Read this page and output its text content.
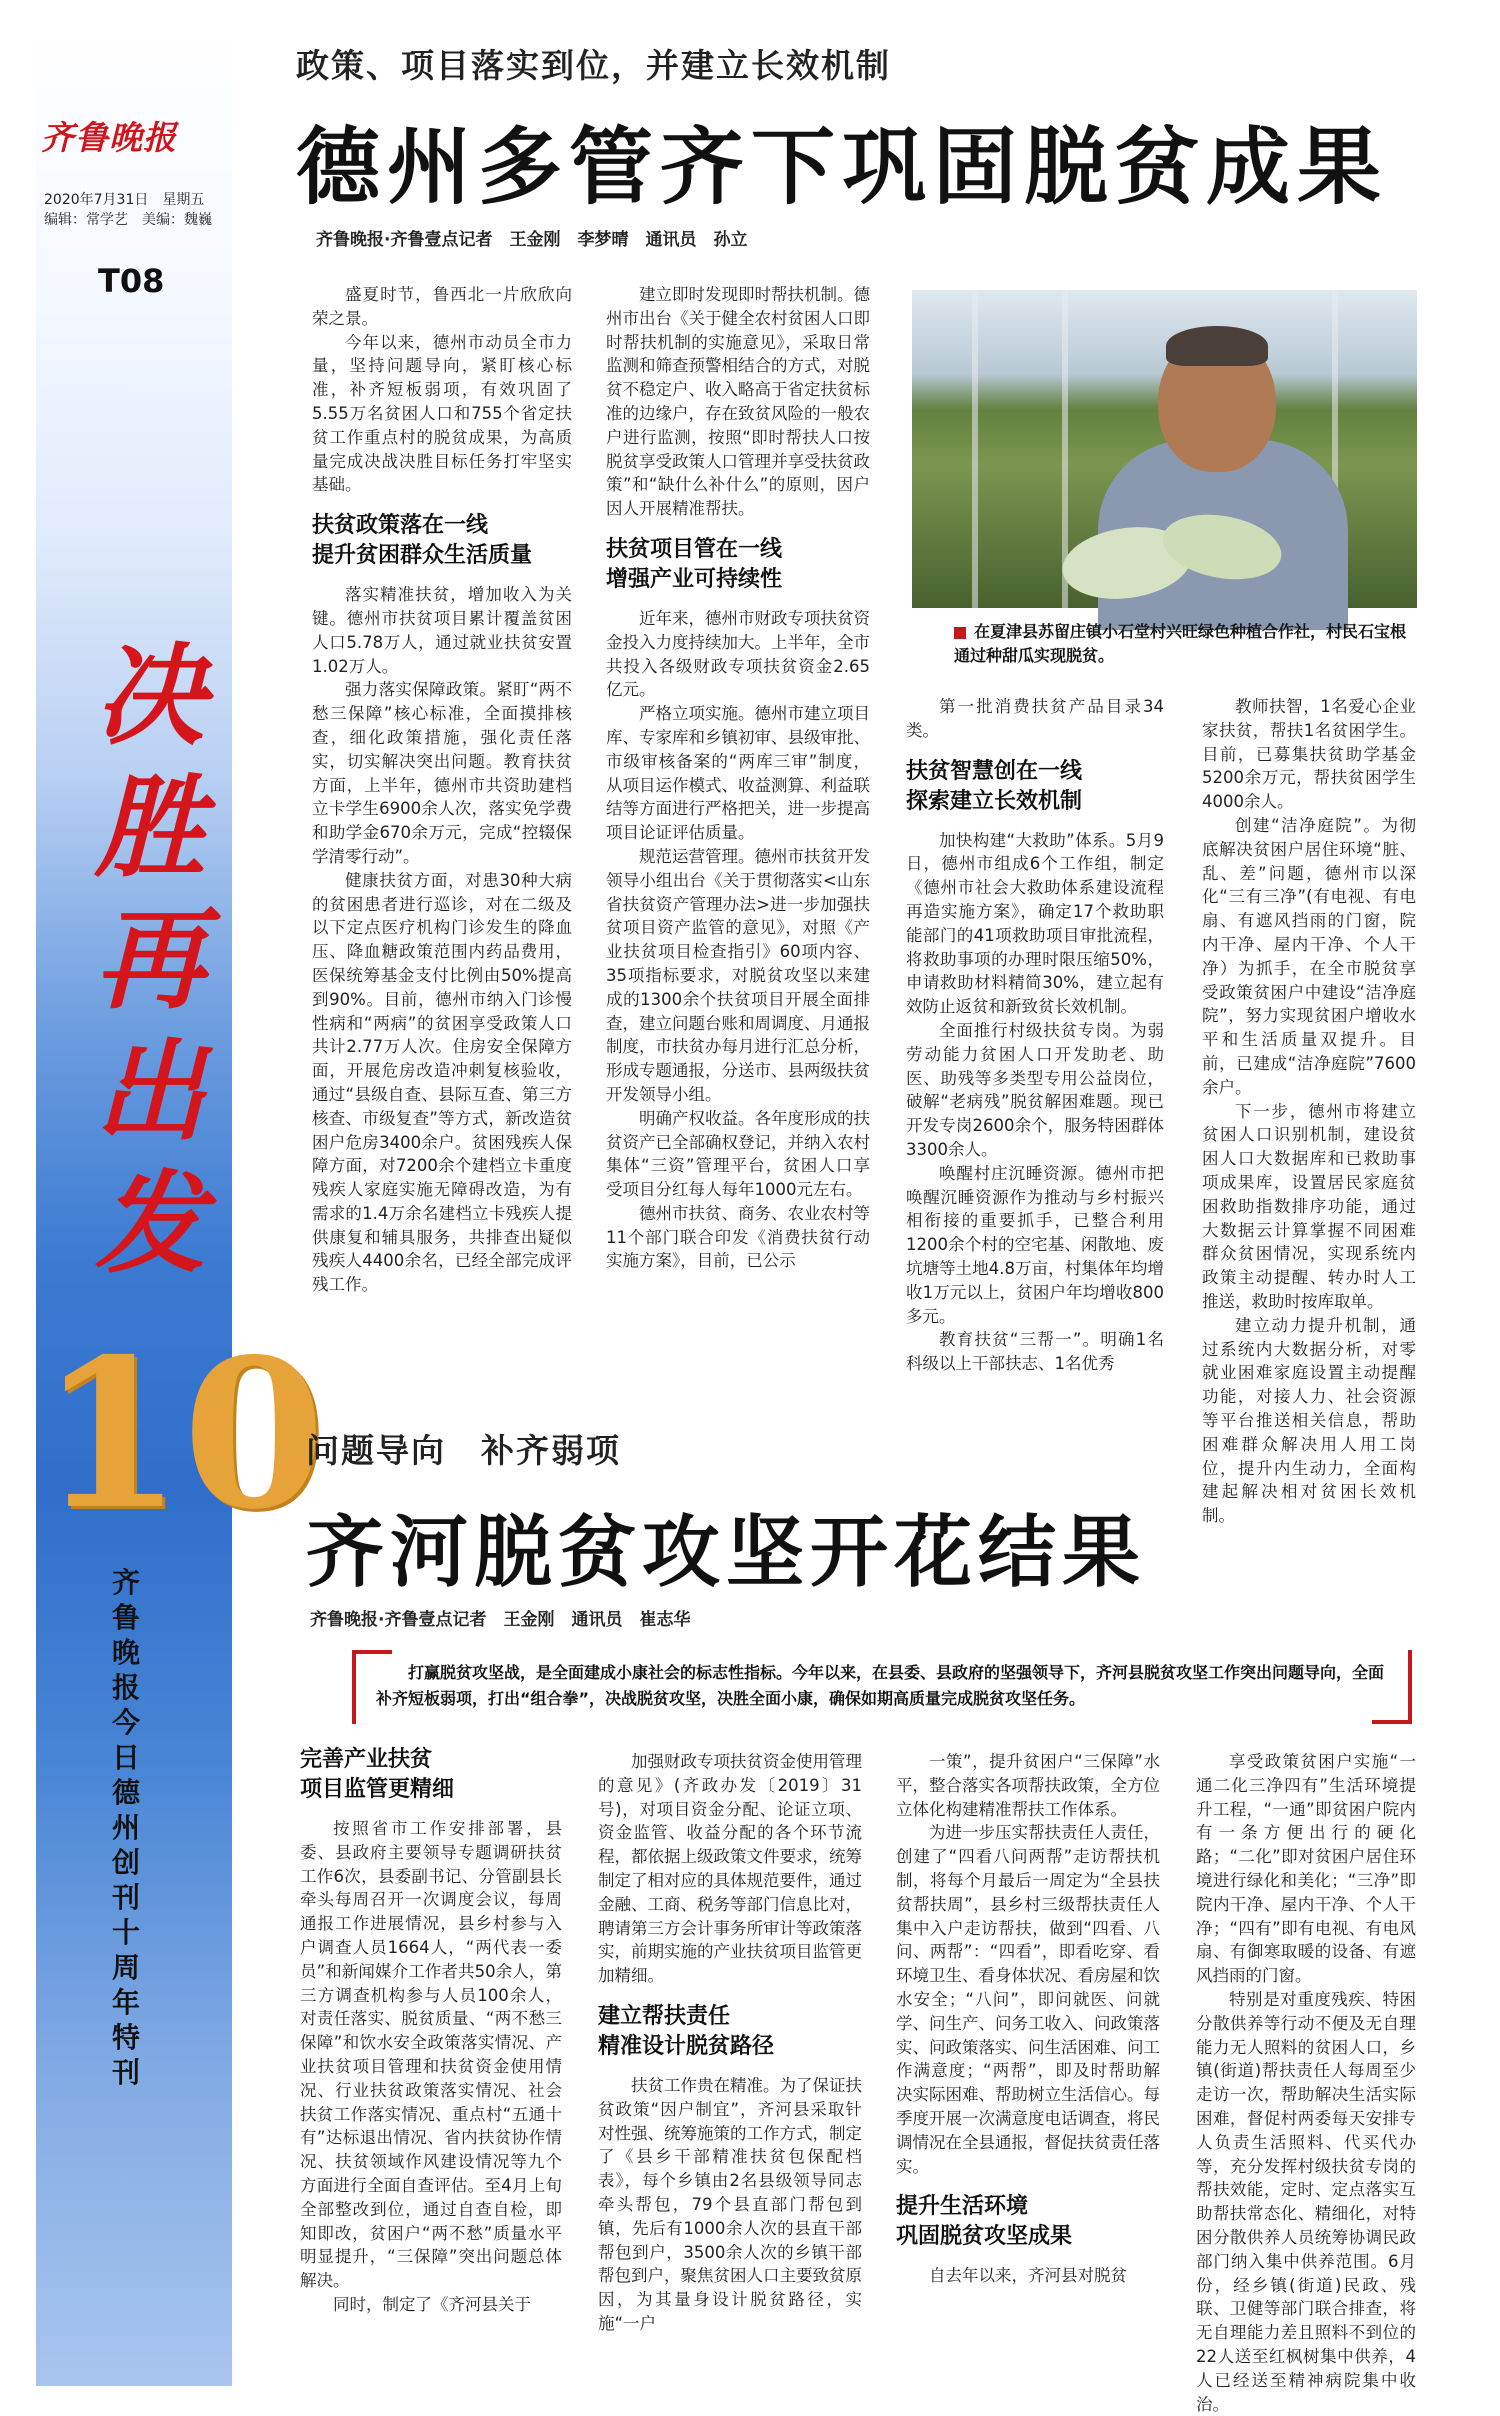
齐鲁晚报
2020年7月31日　星期五
编辑：常学艺　美编：魏巍
T08
决
胜
再
出
发
10
齐鲁晚报今日德州创刊十周年特刊
政策、项目落实到位，并建立长效机制
德州多管齐下巩固脱贫成果
齐鲁晚报·齐鲁壹点记者　王金刚　李梦晴　通讯员　孙立

盛夏时节，鲁西北一片欣欣向荣之景。

今年以来，德州市动员全市力量，坚持问题导向，紧盯核心标准，补齐短板弱项，有效巩固了5.55万名贫困人口和755个省定扶贫工作重点村的脱贫成果，为高质量完成决战决胜目标任务打牢坚实基础。

扶贫政策落在一线
提升贫困群众生活质量

落实精准扶贫，增加收入为关键。德州市扶贫项目累计覆盖贫困人口5.78万人，通过就业扶贫安置1.02万人。

强力落实保障政策。紧盯“两不愁三保障”核心标准，全面摸排核查，细化政策措施，强化责任落实，切实解决突出问题。教育扶贫方面，上半年，德州市共资助建档立卡学生6900余人次，落实免学费和助学金670余万元，完成“控辍保学清零行动”。

健康扶贫方面，对患30种大病的贫困患者进行巡诊，对在二级及以下定点医疗机构门诊发生的降血压、降血糖政策范围内药品费用，医保统筹基金支付比例由50%提高到90%。目前，德州市纳入门诊慢性病和“两病”的贫困享受政策人口共计2.77万人次。住房安全保障方面，开展危房改造冲刺复核验收，通过“县级自查、县际互查、第三方核查、市级复查”等方式，新改造贫困户危房3400余户。贫困残疾人保障方面，对7200余个建档立卡重度残疾人家庭实施无障碍改造，为有需求的1.4万余名建档立卡残疾人提供康复和辅具服务，共排查出疑似残疾人4400余名，已经全部完成评残工作。

建立即时发现即时帮扶机制。德州市出台《关于健全农村贫困人口即时帮扶机制的实施意见》，采取日常监测和筛查预警相结合的方式，对脱贫不稳定户、收入略高于省定扶贫标准的边缘户，存在致贫风险的一般农户进行监测，按照“即时帮扶人口按脱贫享受政策人口管理并享受扶贫政策”和“缺什么补什么”的原则，因户因人开展精准帮扶。

扶贫项目管在一线
增强产业可持续性

近年来，德州市财政专项扶贫资金投入力度持续加大。上半年，全市共投入各级财政专项扶贫资金2.65亿元。

严格立项实施。德州市建立项目库、专家库和乡镇初审、县级审批、市级审核备案的“两库三审”制度，从项目运作模式、收益测算、利益联结等方面进行严格把关，进一步提高项目论证评估质量。

规范运营管理。德州市扶贫开发领导小组出台《关于贯彻落实<山东省扶贫资产管理办法>进一步加强扶贫项目资产监管的意见》，对照《产业扶贫项目检查指引》60项内容、35项指标要求，对脱贫攻坚以来建成的1300余个扶贫项目开展全面排查，建立问题台账和周调度、月通报制度，市扶贫办每月进行汇总分析，形成专题通报，分送市、县两级扶贫开发领导小组。

明确产权收益。各年度形成的扶贫资产已全部确权登记，并纳入农村集体“三资”管理平台，贫困人口享受项目分红每人每年1000元左右。

德州市扶贫、商务、农业农村等11个部门联合印发《消费扶贫行动实施方案》，目前，已公示

在夏津县苏留庄镇小石堂村兴旺绿色种植合作社，村民石宝根通过种甜瓜实现脱贫。

第一批消费扶贫产品目录34类。

扶贫智慧创在一线
探索建立长效机制

加快构建“大救助”体系。5月9日，德州市组成6个工作组，制定《德州市社会大救助体系建设流程再造实施方案》，确定17个救助职能部门的41项救助项目审批流程，将救助事项的办理时限压缩50%，申请救助材料精简30%，建立起有效防止返贫和新致贫长效机制。

全面推行村级扶贫专岗。为弱劳动能力贫困人口开发助老、助医、助残等多类型专用公益岗位，破解“老病残”脱贫解困难题。现已开发专岗2600余个，服务特困群体3300余人。

唤醒村庄沉睡资源。德州市把唤醒沉睡资源作为推动与乡村振兴相衔接的重要抓手，已整合利用1200余个村的空宅基、闲散地、废坑塘等土地4.8万亩，村集体年均增收1万元以上，贫困户年均增收800多元。

教育扶贫“三帮一”。明确1名科级以上干部扶志、1名优秀

教师扶智，1名爱心企业家扶贫，帮扶1名贫困学生。目前，已募集扶贫助学基金5200余万元，帮扶贫困学生4000余人。

创建“洁净庭院”。为彻底解决贫困户居住环境“脏、乱、差”问题，德州市以深化“三有三净”(有电视、有电扇、有遮风挡雨的门窗，院内干净、屋内干净、个人干净）为抓手，在全市脱贫享受政策贫困户中建设“洁净庭院”，努力实现贫困户增收水平和生活质量双提升。目前，已建成“洁净庭院”7600余户。

下一步，德州市将建立贫困人口识别机制，建设贫困人口大数据库和已救助事项成果库，设置居民家庭贫困救助指数排序功能，通过大数据云计算掌握不同困难群众贫困情况，实现系统内政策主动提醒、转办时人工推送，救助时按库取单。

建立动力提升机制，通过系统内大数据分析，对零就业困难家庭设置主动提醒功能，对接人力、社会资源等平台推送相关信息，帮助困难群众解决用人用工岗位，提升内生动力，全面构建起解决相对贫困长效机制。

问题导向　补齐弱项
齐河脱贫攻坚开花结果
齐鲁晚报·齐鲁壹点记者　王金刚　通讯员　崔志华

打赢脱贫攻坚战，是全面建成小康社会的标志性指标。今年以来，在县委、县政府的坚强领导下，齐河县脱贫攻坚工作突出问题导向，全面补齐短板弱项，打出“组合拳”，决战脱贫攻坚，决胜全面小康，确保如期高质量完成脱贫攻坚任务。

完善产业扶贫
项目监管更精细

按照省市工作安排部署，县委、县政府主要领导专题调研扶贫工作6次，县委副书记、分管副县长牵头每周召开一次调度会议，每周通报工作进展情况，县乡村参与入户调查人员1664人，“两代表一委员”和新闻媒介工作者共50余人，第三方调查机构参与人员100余人，对责任落实、脱贫质量、“两不愁三保障”和饮水安全政策落实情况、产业扶贫项目管理和扶贫资金使用情况、行业扶贫政策落实情况、社会扶贫工作落实情况、重点村“五通十有”达标退出情况、省内扶贫协作情况、扶贫领域作风建设情况等九个方面进行全面自查评估。至4月上旬全部整改到位，通过自查自检，即知即改，贫困户“两不愁”质量水平明显提升，“三保障”突出问题总体解决。

同时，制定了《齐河县关于

加强财政专项扶贫资金使用管理的意见》(齐政办发〔2019〕31号)，对项目资金分配、论证立项、资金监管、收益分配的各个环节流程，都依据上级政策文件要求，统筹制定了相对应的具体规范要件，通过金融、工商、税务等部门信息比对，聘请第三方会计事务所审计等政策落实，前期实施的产业扶贫项目监管更加精细。

建立帮扶责任
精准设计脱贫路径

扶贫工作贵在精准。为了保证扶贫政策“因户制宜”，齐河县采取针对性强、统筹施策的工作方式，制定了《县乡干部精准扶贫包保配档表》，每个乡镇由2名县级领导同志牵头帮包，79个县直部门帮包到镇，先后有1000余人次的县直干部帮包到户，3500余人次的乡镇干部帮包到户，聚焦贫困人口主要致贫原因，为其量身设计脱贫路径，实施“一户

一策”，提升贫困户“三保障”水平，整合落实各项帮扶政策，全方位立体化构建精准帮扶工作体系。

为进一步压实帮扶责任人责任，创建了“四看八问两帮”走访帮扶机制，将每个月最后一周定为“全县扶贫帮扶周”，县乡村三级帮扶责任人集中入户走访帮扶，做到“四看、八问、两帮”：“四看”，即看吃穿、看环境卫生、看身体状况、看房屋和饮水安全；“八问”，即问就医、问就学、问生产、问务工收入、问政策落实、问政策落实、问生活困难、问工作满意度；“两帮”，即及时帮助解决实际困难、帮助树立生活信心。每季度开展一次满意度电话调查，将民调情况在全县通报，督促扶贫责任落实。

提升生活环境
巩固脱贫攻坚成果

自去年以来，齐河县对脱贫

享受政策贫困户实施“一通二化三净四有”生活环境提升工程，“一通”即贫困户院内有一条方便出行的硬化路；“二化”即对贫困户居住环境进行绿化和美化；“三净”即院内干净、屋内干净、个人干净；“四有”即有电视、有电风扇、有御寒取暖的设备、有遮风挡雨的门窗。

特别是对重度残疾、特困分散供养等行动不便及无自理能力无人照料的贫困人口，乡镇(街道)帮扶责任人每周至少走访一次，帮助解决生活实际困难，督促村两委每天安排专人负责生活照料、代买代办等，充分发挥村级扶贫专岗的帮扶效能，定时、定点落实互助帮扶常态化、精细化，对特困分散供养人员统筹协调民政部门纳入集中供养范围。6月份，经乡镇(街道)民政、残联、卫健等部门联合排查，将无自理能力差且照料不到位的22人送至红枫树集中供养，4人已经送至精神病院集中收治。
